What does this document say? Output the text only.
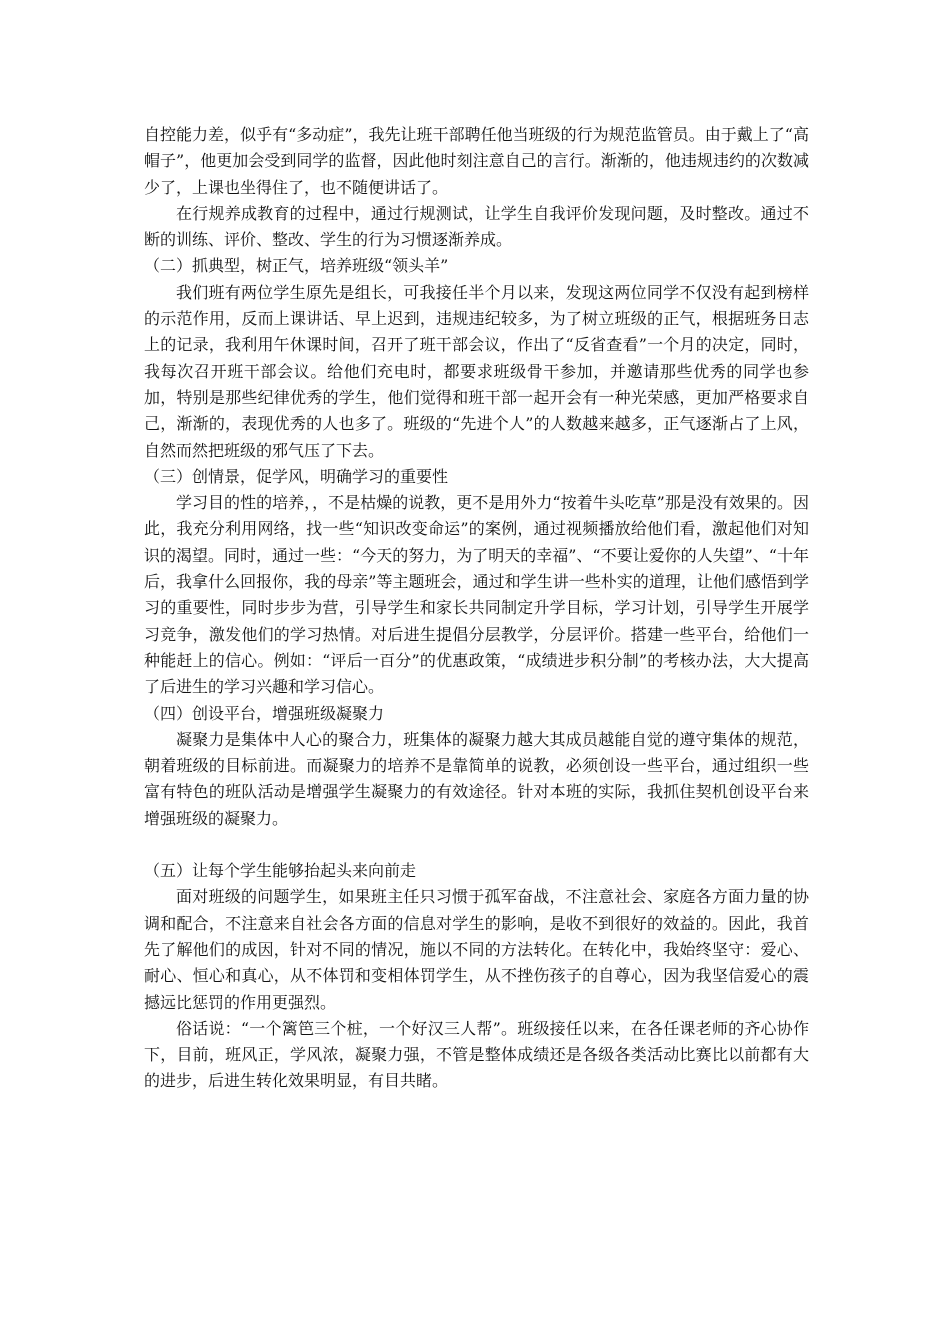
自控能力差，似乎有“多动症”，我先让班干部聘任他当班级的行为规范监管员。由于戴上了“高帽子”，他更加会受到同学的监督，因此他时刻注意自己的言行。渐渐的，他违规违约的次数减少了，上课也坐得住了，也不随便讲话了。

在行规养成教育的过程中，通过行规测试，让学生自我评价发现问题，及时整改。通过不断的训练、评价、整改、学生的行为习惯逐渐养成。

（二）抓典型，树正气，培养班级“领头羊”

我们班有两位学生原先是组长，可我接任半个月以来，发现这两位同学不仅没有起到榜样的示范作用，反而上课讲话、早上迟到，违规违纪较多，为了树立班级的正气，根据班务日志上的记录，我利用午休课时间，召开了班干部会议，作出了“反省查看”一个月的决定，同时，我每次召开班干部会议。给他们充电时，都要求班级骨干参加，并邀请那些优秀的同学也参加，特别是那些纪律优秀的学生，他们觉得和班干部一起开会有一种光荣感，更加严格要求自己，渐渐的，表现优秀的人也多了。班级的“先进个人”的人数越来越多，正气逐渐占了上风，自然而然把班级的邪气压了下去。

（三）创情景，促学风，明确学习的重要性

学习目的性的培养，，不是枯燥的说教，更不是用外力“按着牛头吃草”那是没有效果的。因此，我充分利用网络，找一些“知识改变命运”的案例，通过视频播放给他们看，激起他们对知识的渴望。同时，通过一些：“今天的努力，为了明天的幸福”、“不要让爱你的人失望”、“十年后，我拿什么回报你，我的母亲”等主题班会，通过和学生讲一些朴实的道理，让他们感悟到学习的重要性，同时步步为营，引导学生和家长共同制定升学目标，学习计划，引导学生开展学习竞争，激发他们的学习热情。对后进生提倡分层教学，分层评价。搭建一些平台，给他们一种能赶上的信心。例如：“评后一百分”的优惠政策，“成绩进步积分制”的考核办法，大大提高了后进生的学习兴趣和学习信心。

（四）创设平台，增强班级凝聚力

凝聚力是集体中人心的聚合力，班集体的凝聚力越大其成员越能自觉的遵守集体的规范，朝着班级的目标前进。而凝聚力的培养不是靠简单的说教，必须创设一些平台，通过组织一些富有特色的班队活动是增强学生凝聚力的有效途径。针对本班的实际，我抓住契机创设平台来增强班级的凝聚力。

（五）让每个学生能够抬起头来向前走

面对班级的问题学生，如果班主任只习惯于孤军奋战，不注意社会、家庭各方面力量的协调和配合，不注意来自社会各方面的信息对学生的影响，是收不到很好的效益的。因此，我首先了解他们的成因，针对不同的情况，施以不同的方法转化。在转化中，我始终坚守：爱心、耐心、恒心和真心，从不体罚和变相体罚学生，从不挫伤孩子的自尊心，因为我坚信爱心的震撼远比惩罚的作用更强烈。

俗话说：“一个篱笆三个桩，一个好汉三人帮”。班级接任以来，在各任课老师的齐心协作下，目前，班风正，学风浓，凝聚力强，不管是整体成绩还是各级各类活动比赛比以前都有大的进步，后进生转化效果明显，有目共睹。
